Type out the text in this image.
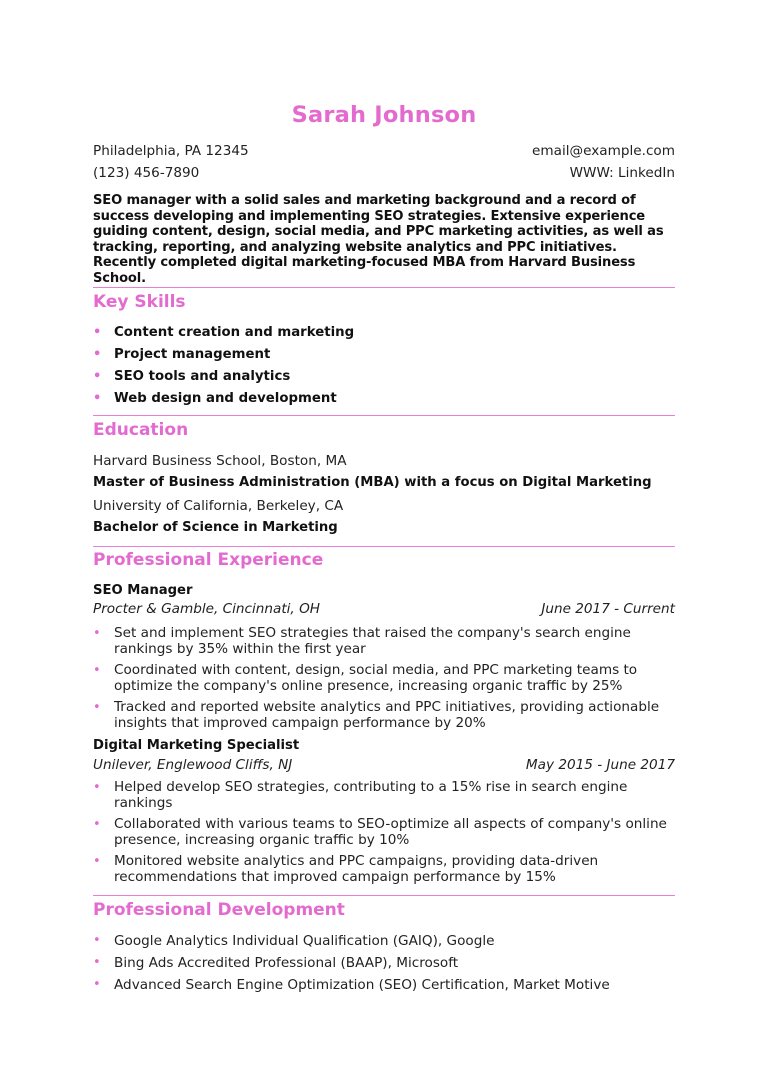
Sarah Johnson
Philadelphia, PA 12345	email@example.com
(123) 456-7890	WWW: LinkedIn
SEO manager with a solid sales and marketing background and a record of success developing and implementing SEO strategies. Extensive experience guiding content, design, social media, and PPC marketing activities, as well as tracking, reporting, and analyzing website analytics and PPC initiatives. Recently completed digital marketing-focused MBA from Harvard Business School.
Key Skills
• Content creation and marketing
• Project management
• SEO tools and analytics
• Web design and development
Education
Harvard Business School, Boston, MA
Master of Business Administration (MBA) with a focus on Digital Marketing
University of California, Berkeley, CA
Bachelor of Science in Marketing
Professional Experience
SEO Manager
Procter & Gamble, Cincinnati, OH	June 2017 - Current
• Set and implement SEO strategies that raised the company's search engine rankings by 35% within the first year
• Coordinated with content, design, social media, and PPC marketing teams to optimize the company's online presence, increasing organic traffic by 25%
• Tracked and reported website analytics and PPC initiatives, providing actionable insights that improved campaign performance by 20%
Digital Marketing Specialist
Unilever, Englewood Cliffs, NJ	May 2015 - June 2017
• Helped develop SEO strategies, contributing to a 15% rise in search engine rankings
• Collaborated with various teams to SEO-optimize all aspects of company's online presence, increasing organic traffic by 10%
• Monitored website analytics and PPC campaigns, providing data-driven recommendations that improved campaign performance by 15%
Professional Development
• Google Analytics Individual Qualification (GAIQ), Google
• Bing Ads Accredited Professional (BAAP), Microsoft
• Advanced Search Engine Optimization (SEO) Certification, Market Motive
